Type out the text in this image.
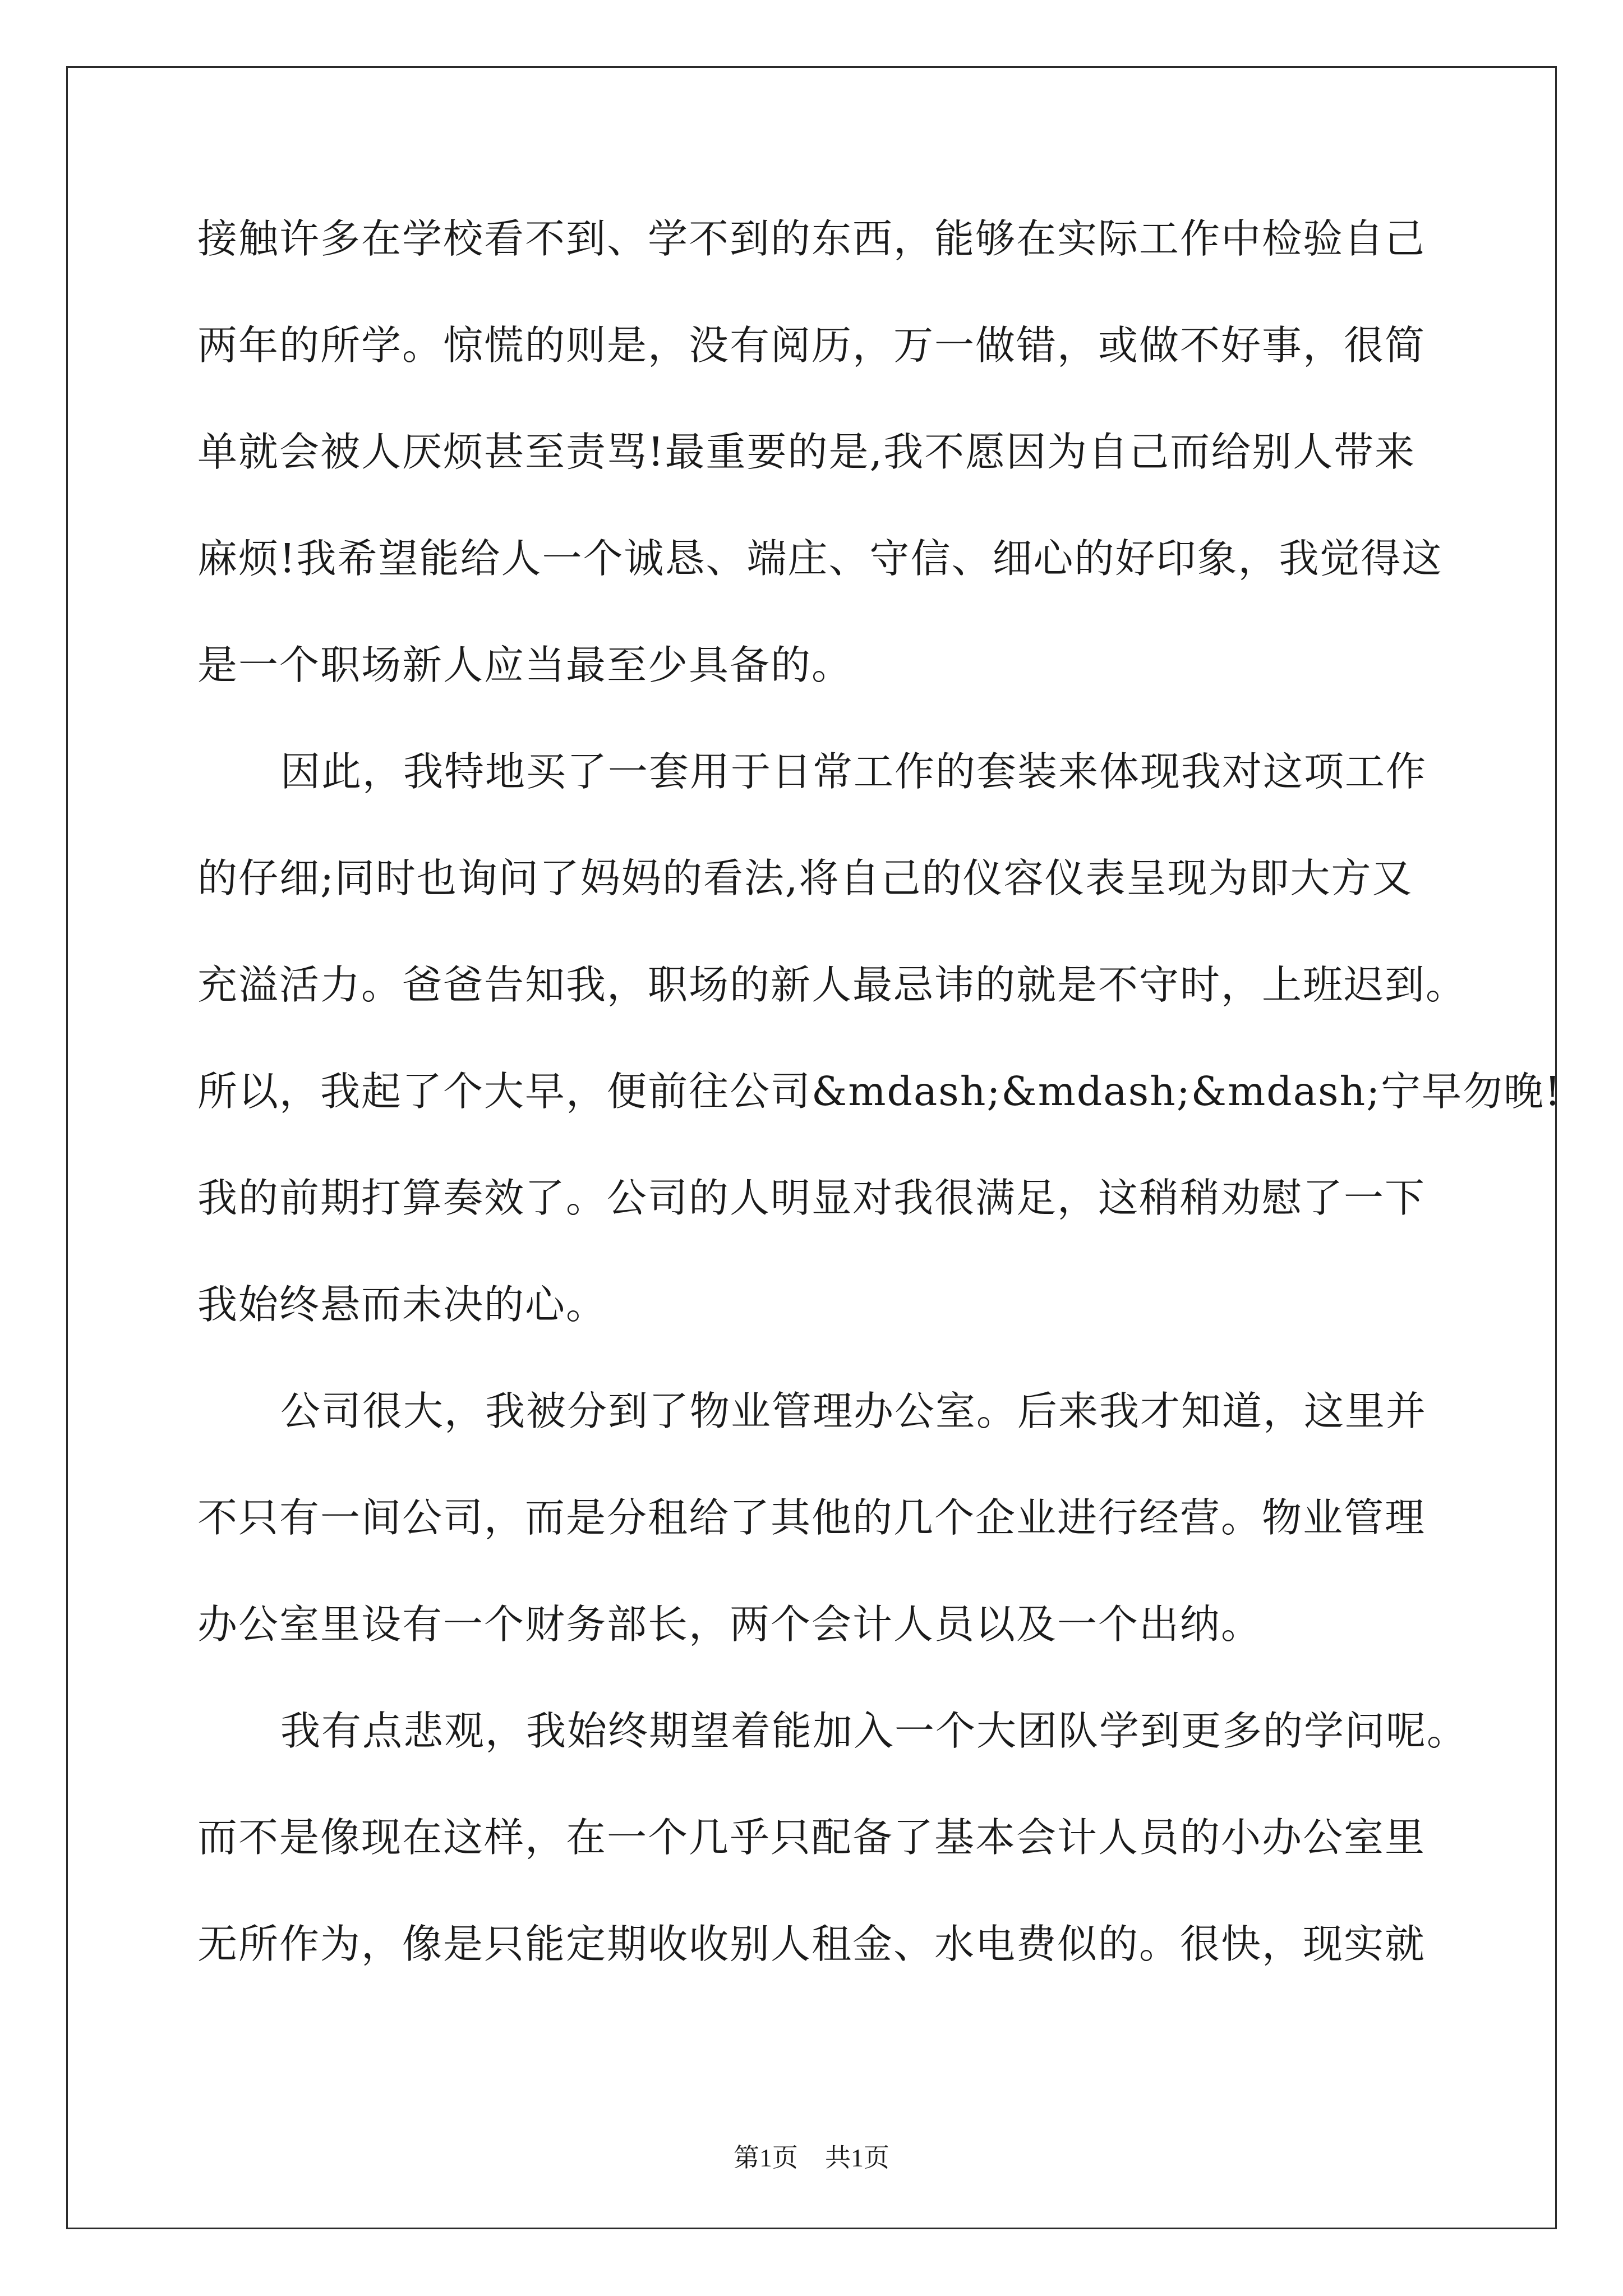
接触许多在学校看不到、学不到的东西，能够在实际工作中检验自己
两年的所学。惊慌的则是，没有阅历，万一做错，或做不好事，很简
单就会被人厌烦甚至责骂!最重要的是,我不愿因为自己而给别人带来
麻烦!我希望能给人一个诚恳、端庄、守信、细心的好印象，我觉得这
是一个职场新人应当最至少具备的。
因此，我特地买了一套用于日常工作的套装来体现我对这项工作
的仔细;同时也询问了妈妈的看法,将自己的仪容仪表呈现为即大方又
充溢活力。爸爸告知我，职场的新人最忌讳的就是不守时，上班迟到。
所以，我起了个大早，便前往公司&mdash;&mdash;&mdash;宁早勿晚!
我的前期打算奏效了。公司的人明显对我很满足，这稍稍劝慰了一下
我始终悬而未决的心。
公司很大，我被分到了物业管理办公室。后来我才知道，这里并
不只有一间公司，而是分租给了其他的几个企业进行经营。物业管理
办公室里设有一个财务部长，两个会计人员以及一个出纳。
我有点悲观，我始终期望着能加入一个大团队学到更多的学问呢。
而不是像现在这样，在一个几乎只配备了基本会计人员的小办公室里
无所作为，像是只能定期收收别人租金、水电费似的。很快，现实就
第1页 共1页
